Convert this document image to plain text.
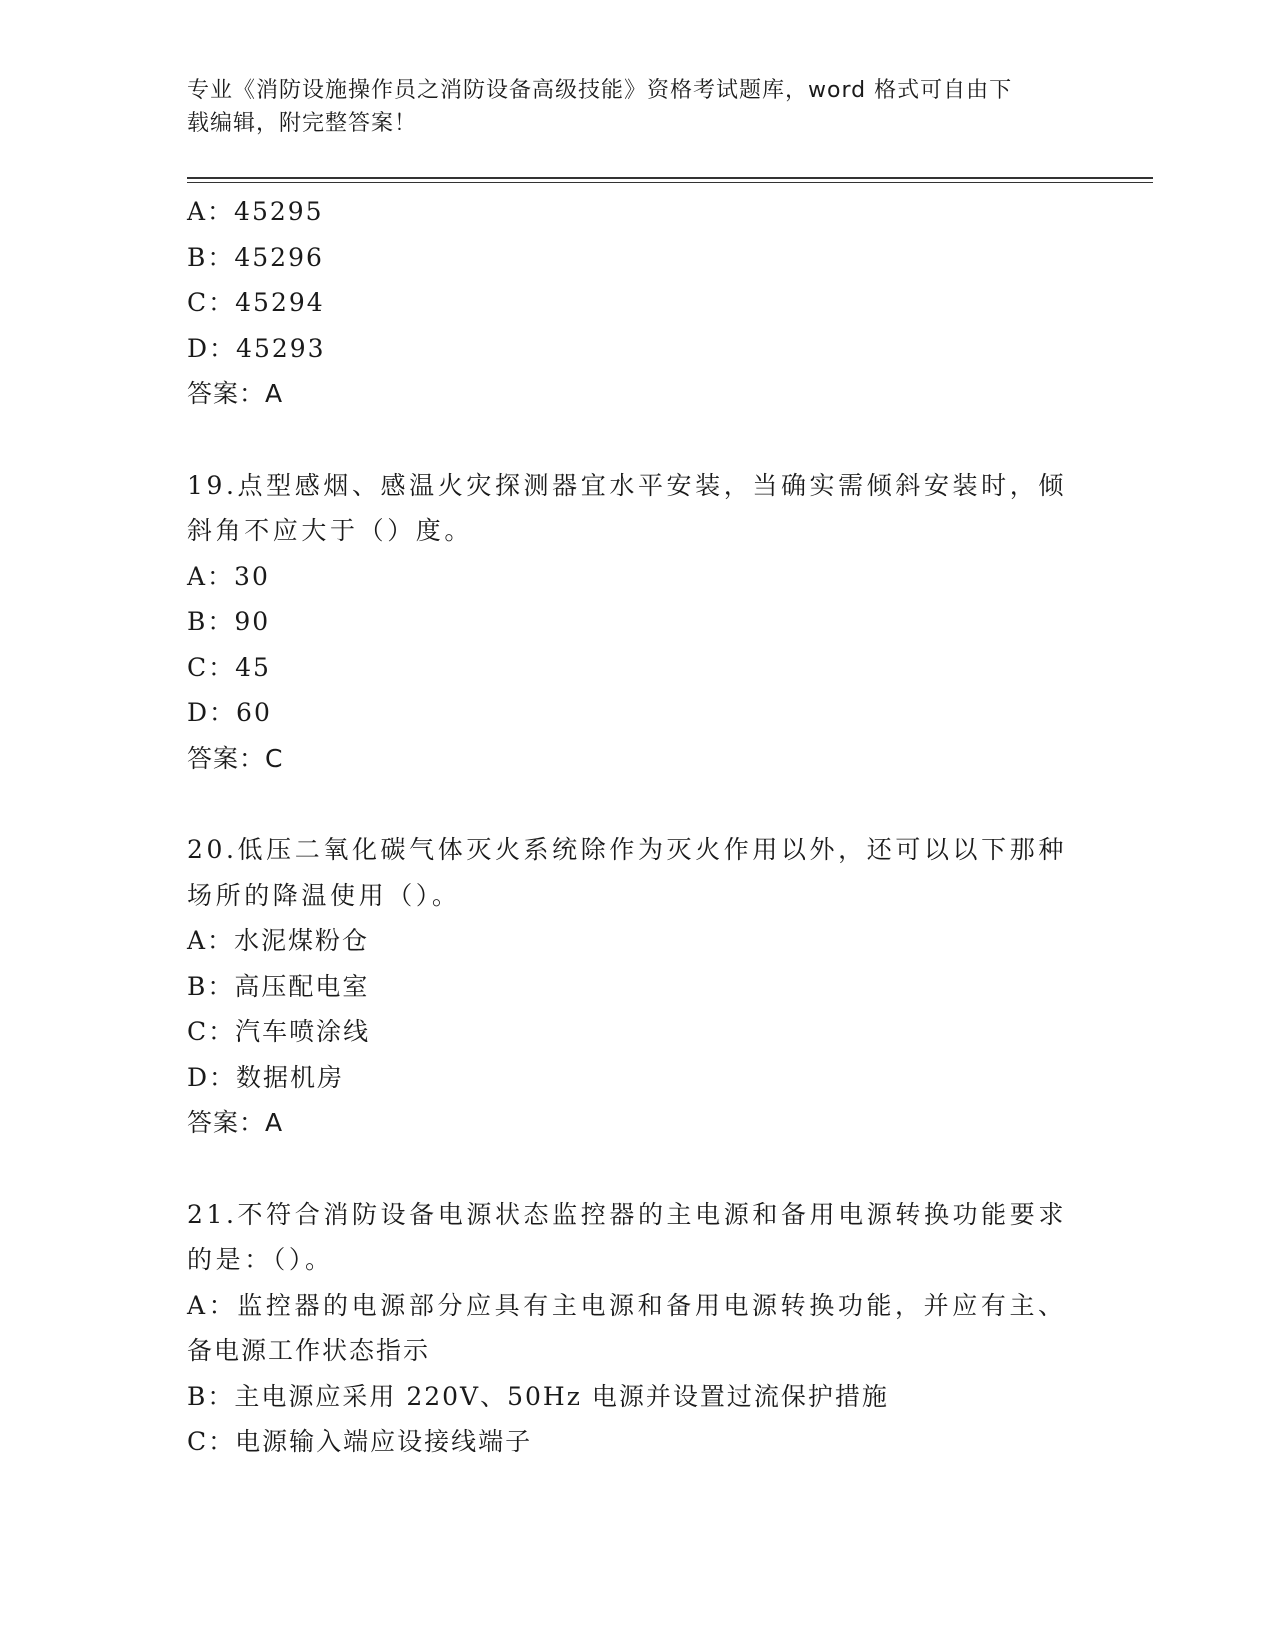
专业《消防设施操作员之消防设备高级技能》资格考试题库，word 格式可自由下
载编辑，附完整答案！
A：45295
B：45296
C：45294
D：45293
答案：A
19.点型感烟、感温火灾探测器宜水平安装，当确实需倾斜安装时，倾
斜角不应大于（）度。
A：30
B：90
C：45
D：60
答案：C
20.低压二氧化碳气体灭火系统除作为灭火作用以外，还可以以下那种
场所的降温使用（）。
A：水泥煤粉仓
B：高压配电室
C：汽车喷涂线
D：数据机房
答案：A
21.不符合消防设备电源状态监控器的主电源和备用电源转换功能要求
的是：（）。
A：监控器的电源部分应具有主电源和备用电源转换功能，并应有主、
备电源工作状态指示
B：主电源应采用 220V、50Hz 电源并设置过流保护措施
C：电源输入端应设接线端子
